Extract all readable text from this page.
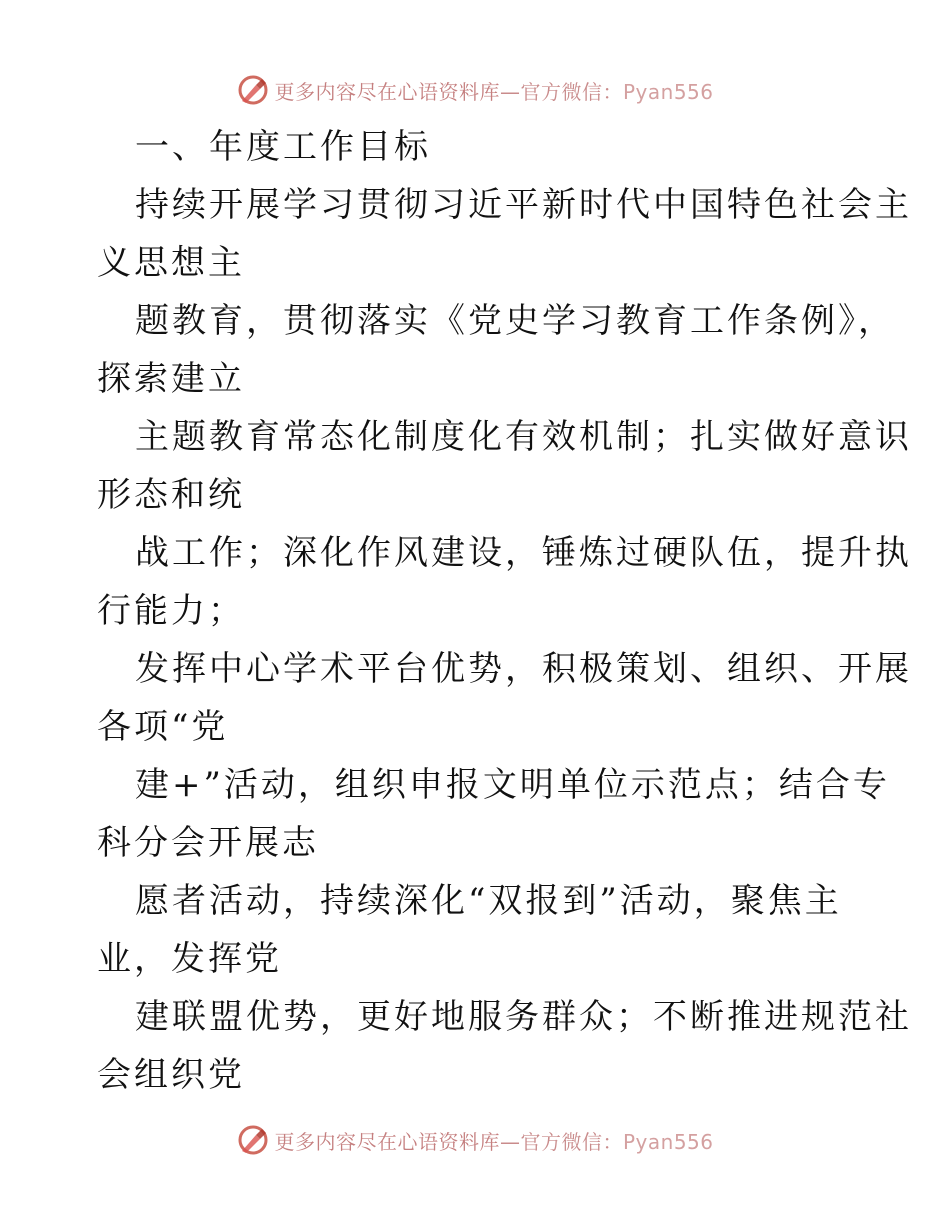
更多内容尽在心语资料库—官方微信：Pyan556

一、年度工作目标

持续开展学习贯彻习近平新时代中国特色社会主

义思想主

题教育，贯彻落实《党史学习教育工作条例》，

探索建立

主题教育常态化制度化有效机制；扎实做好意识

形态和统

战工作；深化作风建设，锤炼过硬队伍，提升执

行能力；

发挥中心学术平台优势，积极策划、组织、开展

各项“党

建+”活动，组织申报文明单位示范点；结合专

科分会开展志

愿者活动，持续深化“双报到”活动，聚焦主

业，发挥党

建联盟优势，更好地服务群众；不断推进规范社

会组织党

更多内容尽在心语资料库—官方微信：Pyan556
